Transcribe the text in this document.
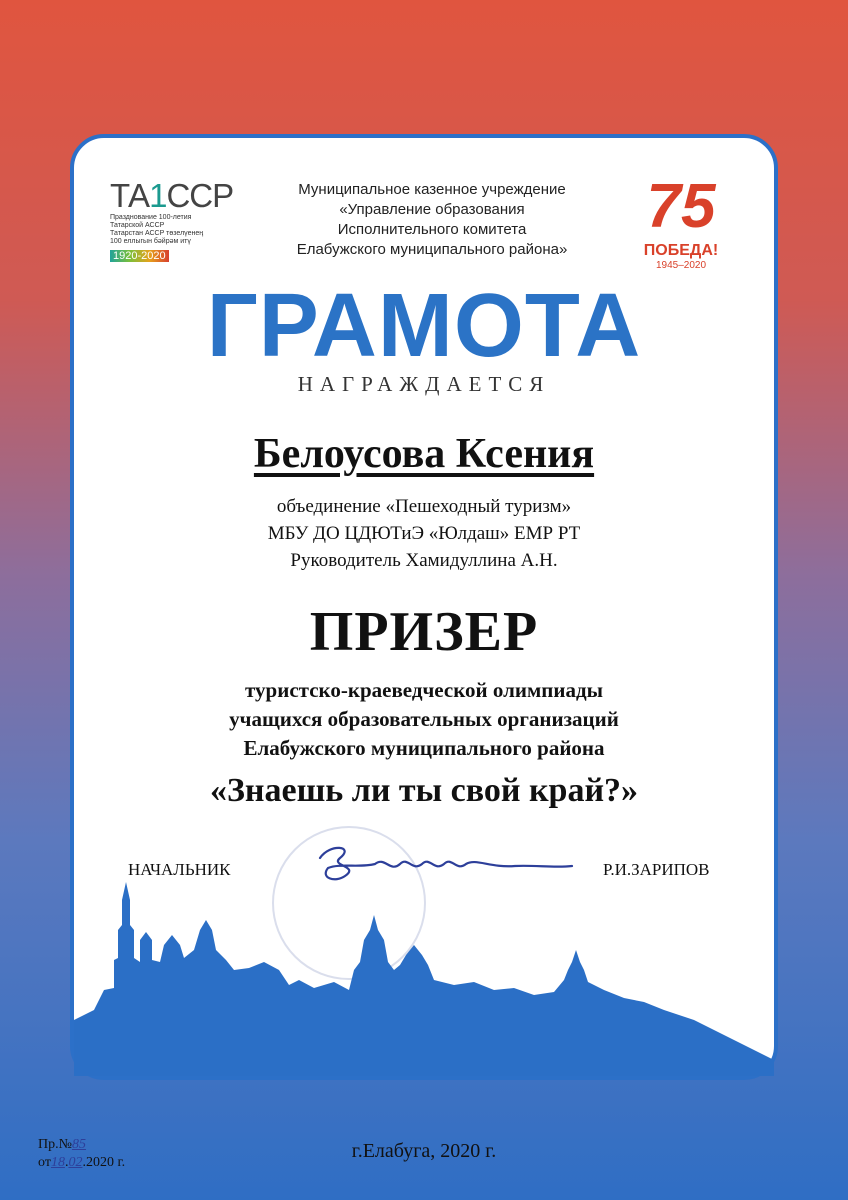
ТА1ССР
Празднование 100-летия
Татарской АССР
Татарстан АССР төзелүенең
100 еллыгын бәйрәм итү
1920-2020
Муниципальное казенное учреждение
«Управление образования
Исполнительного комитета
Елабужского муниципального района»
75
ПОБЕДА!
1945–2020
ГРАМОТА
НАГРАЖДАЕТСЯ
Белоусова Ксения
объединение «Пешеходный туризм»
МБУ ДО ЦДЮТиЭ «Юлдаш» ЕМР РТ
Руководитель Хамидуллина А.Н.
ПРИЗЕР
туристско-краеведческой олимпиады
учащихся образовательных организаций
Елабужского муниципального района
«Знаешь ли ты свой край?»
НАЧАЛЬНИК	Р.И.ЗАРИПОВ
Пр.№85
от18.02.2020 г.
г.Елабуга, 2020 г.
